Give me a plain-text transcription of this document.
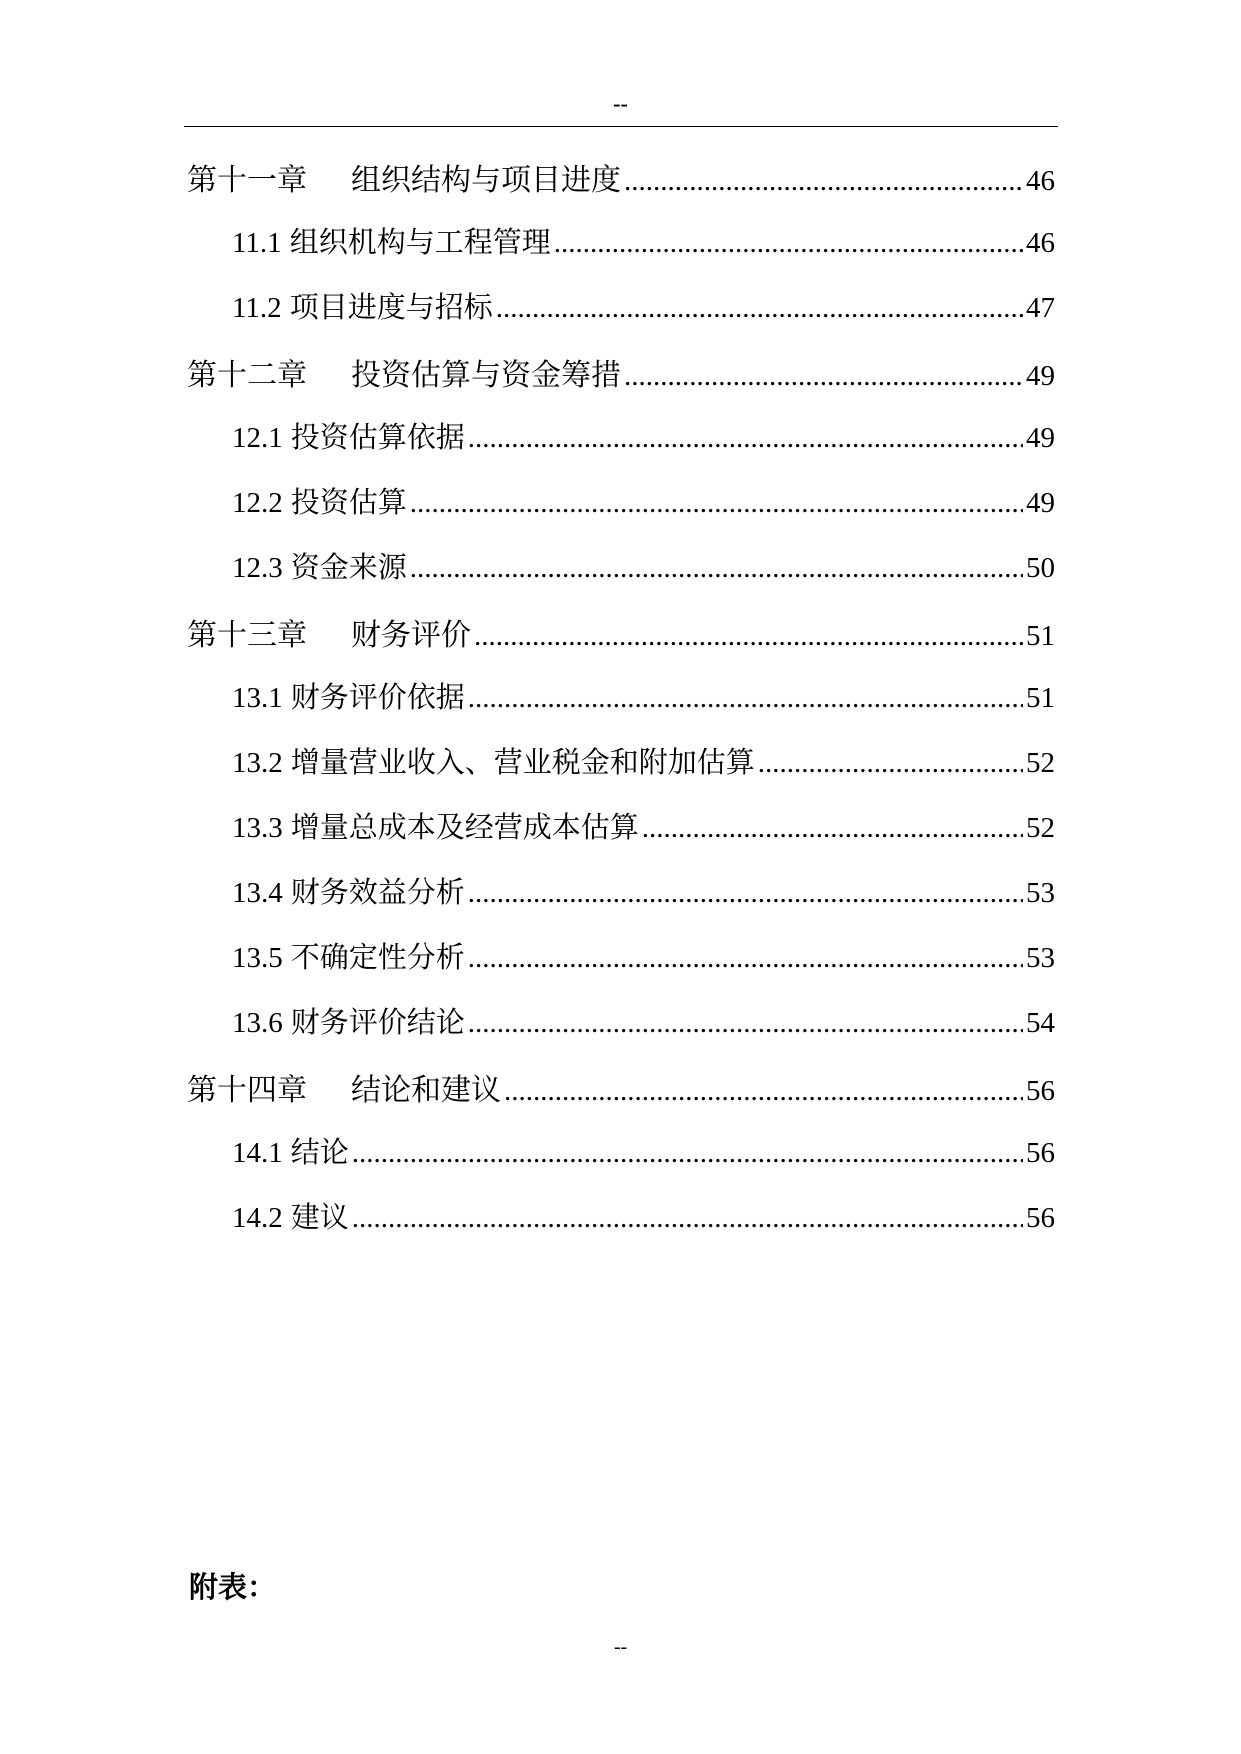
--
第十一章	组织结构与项目进度 .....	46
11.1 组织机构与工程管理 .....	46
11.2 项目进度与招标 .....	47
第十二章	投资估算与资金筹措 .....	49
12.1 投资估算依据 .....	49
12.2 投资估算 .....	49
12.3 资金来源 .....	50
第十三章	财务评价 .....	51
13.1 财务评价依据 .....	51
13.2 增量营业收入、营业税金和附加估算 .....	52
13.3 增量总成本及经营成本估算 .....	52
13.4 财务效益分析 .....	53
13.5 不确定性分析 .....	53
13.6 财务评价结论 .....	54
第十四章	结论和建议 .....	56
14.1 结论 .....	56
14.2 建议 .....	56
附表：
--
